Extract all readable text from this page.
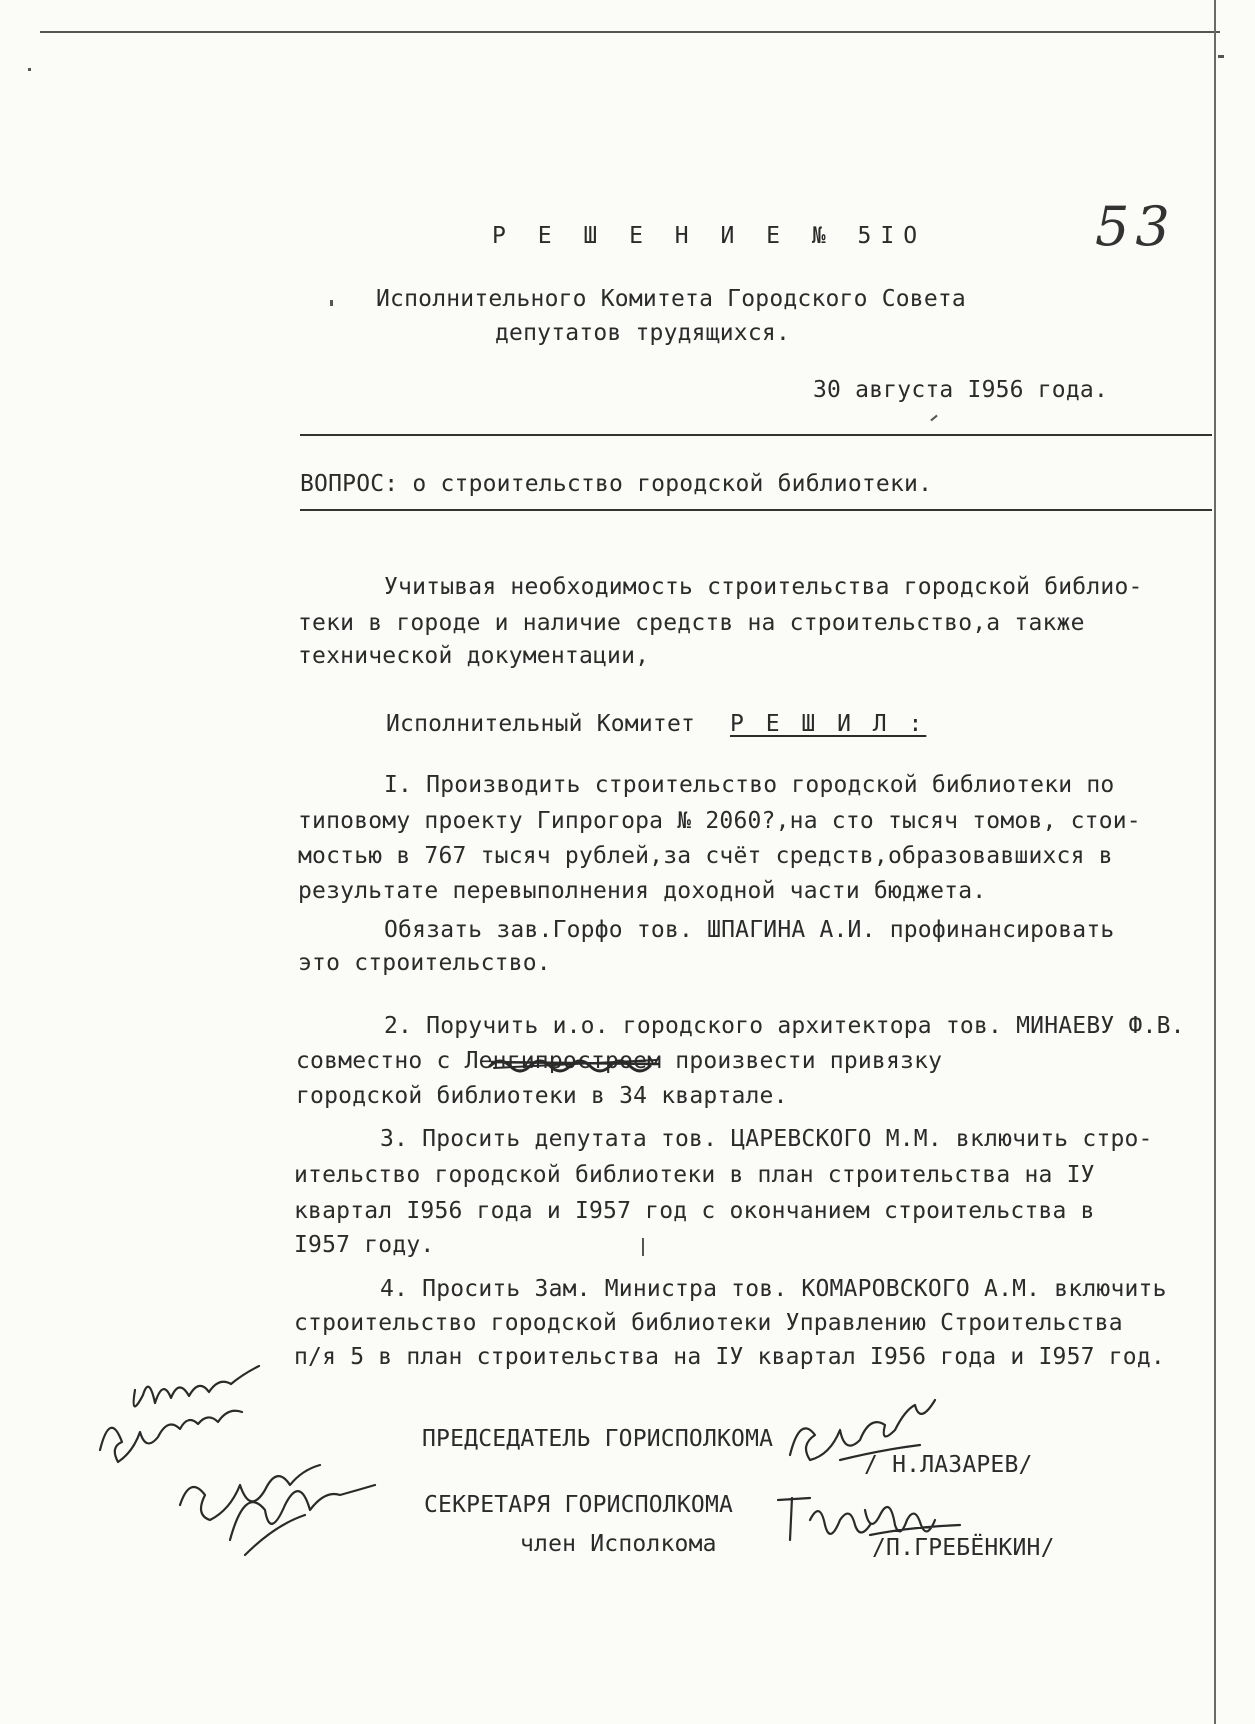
53
Р Е Ш Е Н И Е № 5IO
Исполнительного Комитета Городского Совета
депутатов трудящихся.
30 августа I956 года.
ВОПРОС: о строительство городской библиотеки.
Учитывая необходимость строительства городской библио-
теки в городе и наличие средств на строительство,а также
технической документации,
Исполнительный Комитет Р Е Ш И Л :
I. Производить строительство городской библиотеки по
типовому проекту Гипрогора № 2060?,на сто тысяч томов, стои-
мостью в 767 тысяч рублей,за счёт средств,образовавшихся в
результате перевыполнения доходной части бюджета.
Обязать зав.Горфо тов. ШПАГИНА А.И. профинансировать
это строительство.
2. Поручить и.о. городского архитектора тов. МИНАЕВУ Ф.В.
совместно с Ленгипростроем произвести привязку
городской библиотеки в 34 квартале.
3. Просить депутата тов. ЦАРЕВСКОГО М.М. включить стро-
ительство городской библиотеки в план строительства на IУ
квартал I956 года и I957 год с окончанием строительства в
I957 году.
4. Просить Зам. Министра тов. КОМАРОВСКОГО А.М. включить
строительство городской библиотеки Управлению Строительства
п/я 5 в план строительства на IУ квартал I956 года и I957 год.
ПРЕДСЕДАТЕЛЬ ГОРИСПОЛКОМА
/ Н.ЛАЗАРЕВ/
СЕКРЕТАРЯ ГОРИСПОЛКОМА
член Исполкома	/П.ГРЕБЁНКИН/
